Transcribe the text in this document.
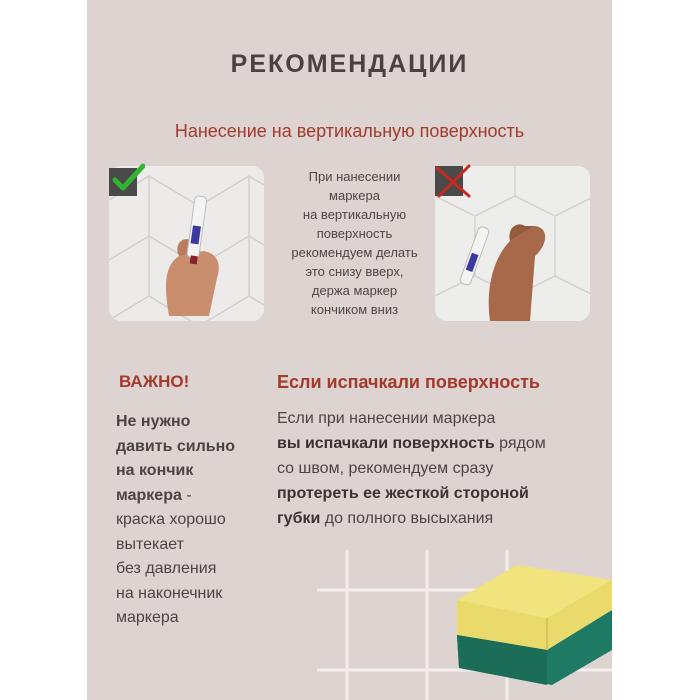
РЕКОМЕНДАЦИИ
Нанесение на вертикальную поверхность
При нанесении
маркера
на вертикальную
поверхность
рекомендуем делать
это снизу вверх,
держа маркер
кончиком вниз
ВАЖНО!
Не нужно
давить сильно
на кончик
маркера -
краска хорошо
вытекает
без давления
на наконечник
маркера
Если испачкали поверхность
Если при нанесении маркера
вы испачкали поверхность рядом
со швом, рекомендуем сразу
протереть ее жесткой стороной
губки до полного высыхания
